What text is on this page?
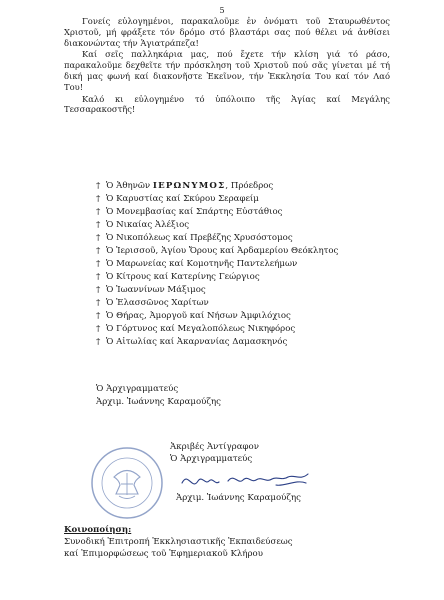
5

Γονείς εὐλογημένοι, παρακαλοῦμε ἐν ὀνόματι τοῦ Σταυρωθέντος Χριστοῦ, μή φράξετε τόν δρόμο στό βλαστάρι σας πού θέλει νά ἀνθίσει διακονώντας τήν Ἁγιατράπεζα!

Καί σεῖς παλληκάρια μας, πού ἔχετε τήν κλίση γιά τό ράσο, παρακαλοῦμε δεχθεῖτε τήν πρόσκληση τοῦ Χριστοῦ πού σᾶς γίνεται μέ τή δική μας φωνή καί διακονῆστε Ἐκεῖνον, τήν Ἐκκλησία Του καί τόν Λαό Του!

Καλό κι εὐλογημένο τό ὑπόλοιπο τῆς Ἁγίας καί Μεγάλης Τεσσαρακοστῆς!

† Ὁ Ἀθηνῶν ΙΕΡΩΝΥΜΟΣ, Πρόεδρος
† Ὁ Καρυστίας καί Σκύρου Σεραφείμ
† Ὁ Μονεμβασίας καί Σπάρτης Εὐστάθιος
† Ὁ Νικαίας Ἀλέξιος
† Ὁ Νικοπόλεως καί Πρεβέζης Χρυσόστομος
† Ὁ Ἱερισσοῦ, Ἁγίου Ὄρους καί Ἀρδαμερίου Θεόκλητος
† Ὁ Μαρωνείας καί Κομοτηνῆς Παντελεήμων
† Ὁ Κίτρους καί Κατερίνης Γεώργιος
† Ὁ Ἰωαννίνων Μάξιμος
† Ὁ Ἐλασσῶνος Χαρίτων
† Ὁ Θήρας, Ἀμοργοῦ καί Νήσων Ἀμφιλόχιος
† Ὁ Γόρτυνος καί Μεγαλοπόλεως Νικηφόρος
† Ὁ Αἰτωλίας καί Ἀκαρνανίας Δαμασκηνός
Ὁ Ἀρχιγραμματεύς
Ἀρχιμ. Ἰωάννης Καραμούζης
Ἀκριβές Ἀντίγραφον
Ὁ Ἀρχιγραμματεύς
Ἀρχιμ. Ἰωάννης Καραμούζης
Κοινοποίηση:
Συνοδική Ἐπιτροπή Ἐκκλησιαστικῆς Ἐκπαιδεύσεως
καί Ἐπιμορφώσεως τοῦ Ἐφημεριακοῦ Κλήρου
